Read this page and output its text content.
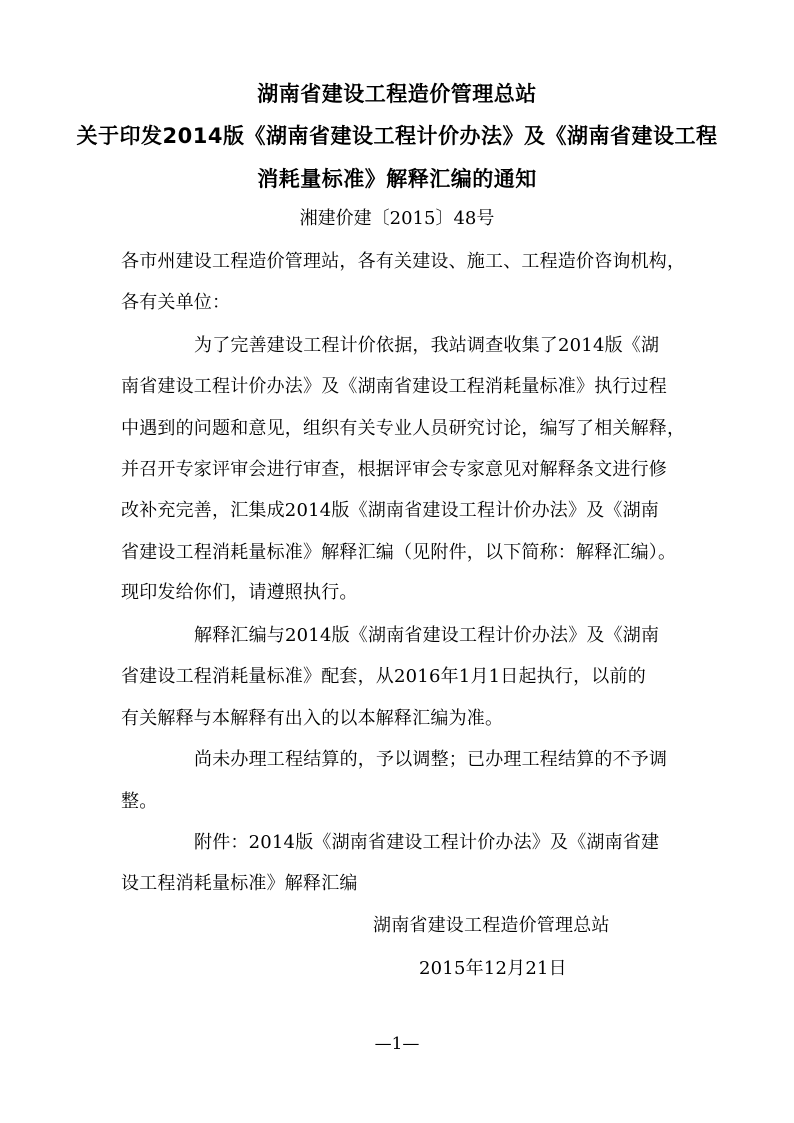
湖南省建设工程造价管理总站
关于印发2014版《湖南省建设工程计价办法》及《湖南省建设工程
消耗量标准》解释汇编的通知
湘建价建〔2015〕48号
各市州建设工程造价管理站，各有关建设、施工、工程造价咨询机构，
各有关单位：
为了完善建设工程计价依据，我站调查收集了2014版《湖
南省建设工程计价办法》及《湖南省建设工程消耗量标准》执行过程
中遇到的问题和意见，组织有关专业人员研究讨论，编写了相关解释，
并召开专家评审会进行审查，根据评审会专家意见对解释条文进行修
改补充完善，汇集成2014版《湖南省建设工程计价办法》及《湖南
省建设工程消耗量标准》解释汇编（见附件，以下简称：解释汇编）。
现印发给你们，请遵照执行。
解释汇编与2014版《湖南省建设工程计价办法》及《湖南
省建设工程消耗量标准》配套，从2016年1月1日起执行，以前的
有关解释与本解释有出入的以本解释汇编为准。
尚未办理工程结算的，予以调整；已办理工程结算的不予调
整。
附件：2014版《湖南省建设工程计价办法》及《湖南省建
设工程消耗量标准》解释汇编
湖南省建设工程造价管理总站
2015年12月21日
—1—
